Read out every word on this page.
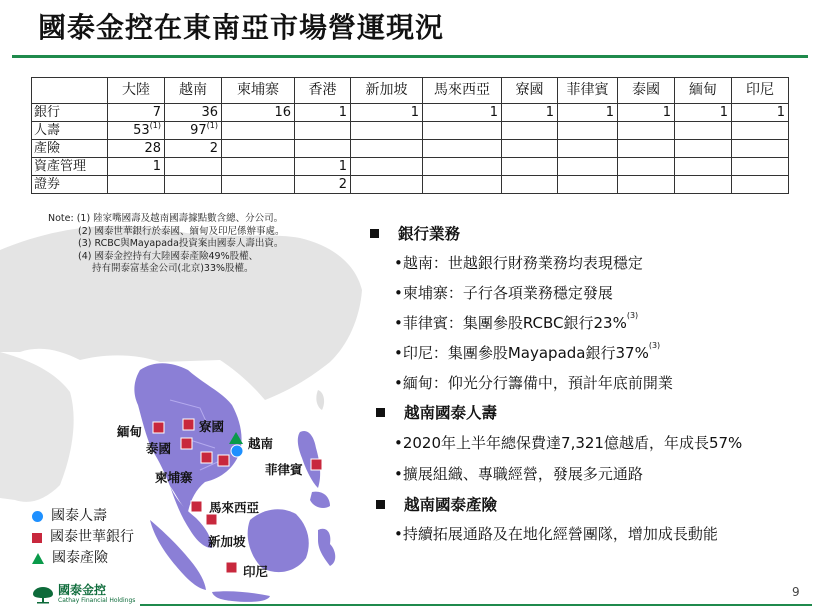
國泰金控在東南亞市場營運現況
	大陸	越南	柬埔寨	香港	新加坡	馬來西亞	寮國	菲律賓	泰國	緬甸	印尼
銀行	7	36	16	1	1	1	1	1	1	1	1
人壽	53$^{(1)}$	97$^{(1)}$									
產險	28	2									
資產管理	1			1							
證券				2							
緬甸	寮國
泰國	越南
柬埔寨
菲律賓
馬來西亞
新加坡
印尼
Note: (1) 陸家嘴國壽及越南國壽據點數含總、分公司。
(2) 國泰世華銀行於泰國、緬甸及印尼係辦事處。
(3) RCBC與Mayapada投資案由國泰人壽出資。
(4) 國泰金控持有大陸國泰產險49%股權、
持有開泰富基金公司(北京)33%股權。
國泰人壽
國泰世華銀行
國泰產險
銀行業務
•越南：世越銀行財務業務均表現穩定
•柬埔寨：子行各項業務穩定發展
•菲律賓：集團參股RCBC銀行23%$^{(3)}$
•印尼：集團參股Mayapada銀行37%$^{(3)}$
•緬甸：仰光分行籌備中，預計年底前開業
越南國泰人壽
•2020年上半年總保費達7,321億越盾，年成長57%
•擴展組織、專職經營，發展多元通路
越南國泰產險
•持續拓展通路及在地化經營團隊，增加成長動能
國泰金控
Cathay Financial Holdings
9
